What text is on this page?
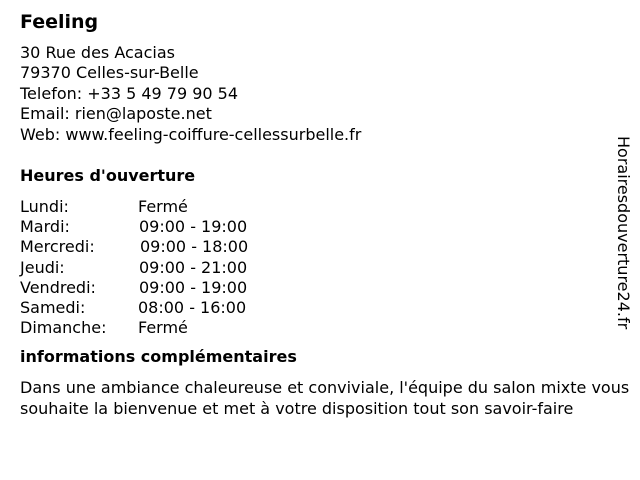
Feeling
30 Rue des Acacias
79370 Celles-sur-Belle
Telefon: +33 5 49 79 90 54
Email: rien@laposte.net
Web: www.feeling-coiffure-cellessurbelle.fr
Heures d'ouverture
Lundi:	Fermé
Mardi:	09:00 - 19:00
Mercredi:	09:00 - 18:00
Jeudi:	09:00 - 21:00
Vendredi:	09:00 - 19:00
Samedi:	08:00 - 16:00
Dimanche: Fermé
informations complémentaires
Dans une ambiance chaleureuse et conviviale, l'équipe du salon mixte vous souhaite la bienvenue et met à votre disposition tout son savoir-faire
Horairesdouverture24.fr
